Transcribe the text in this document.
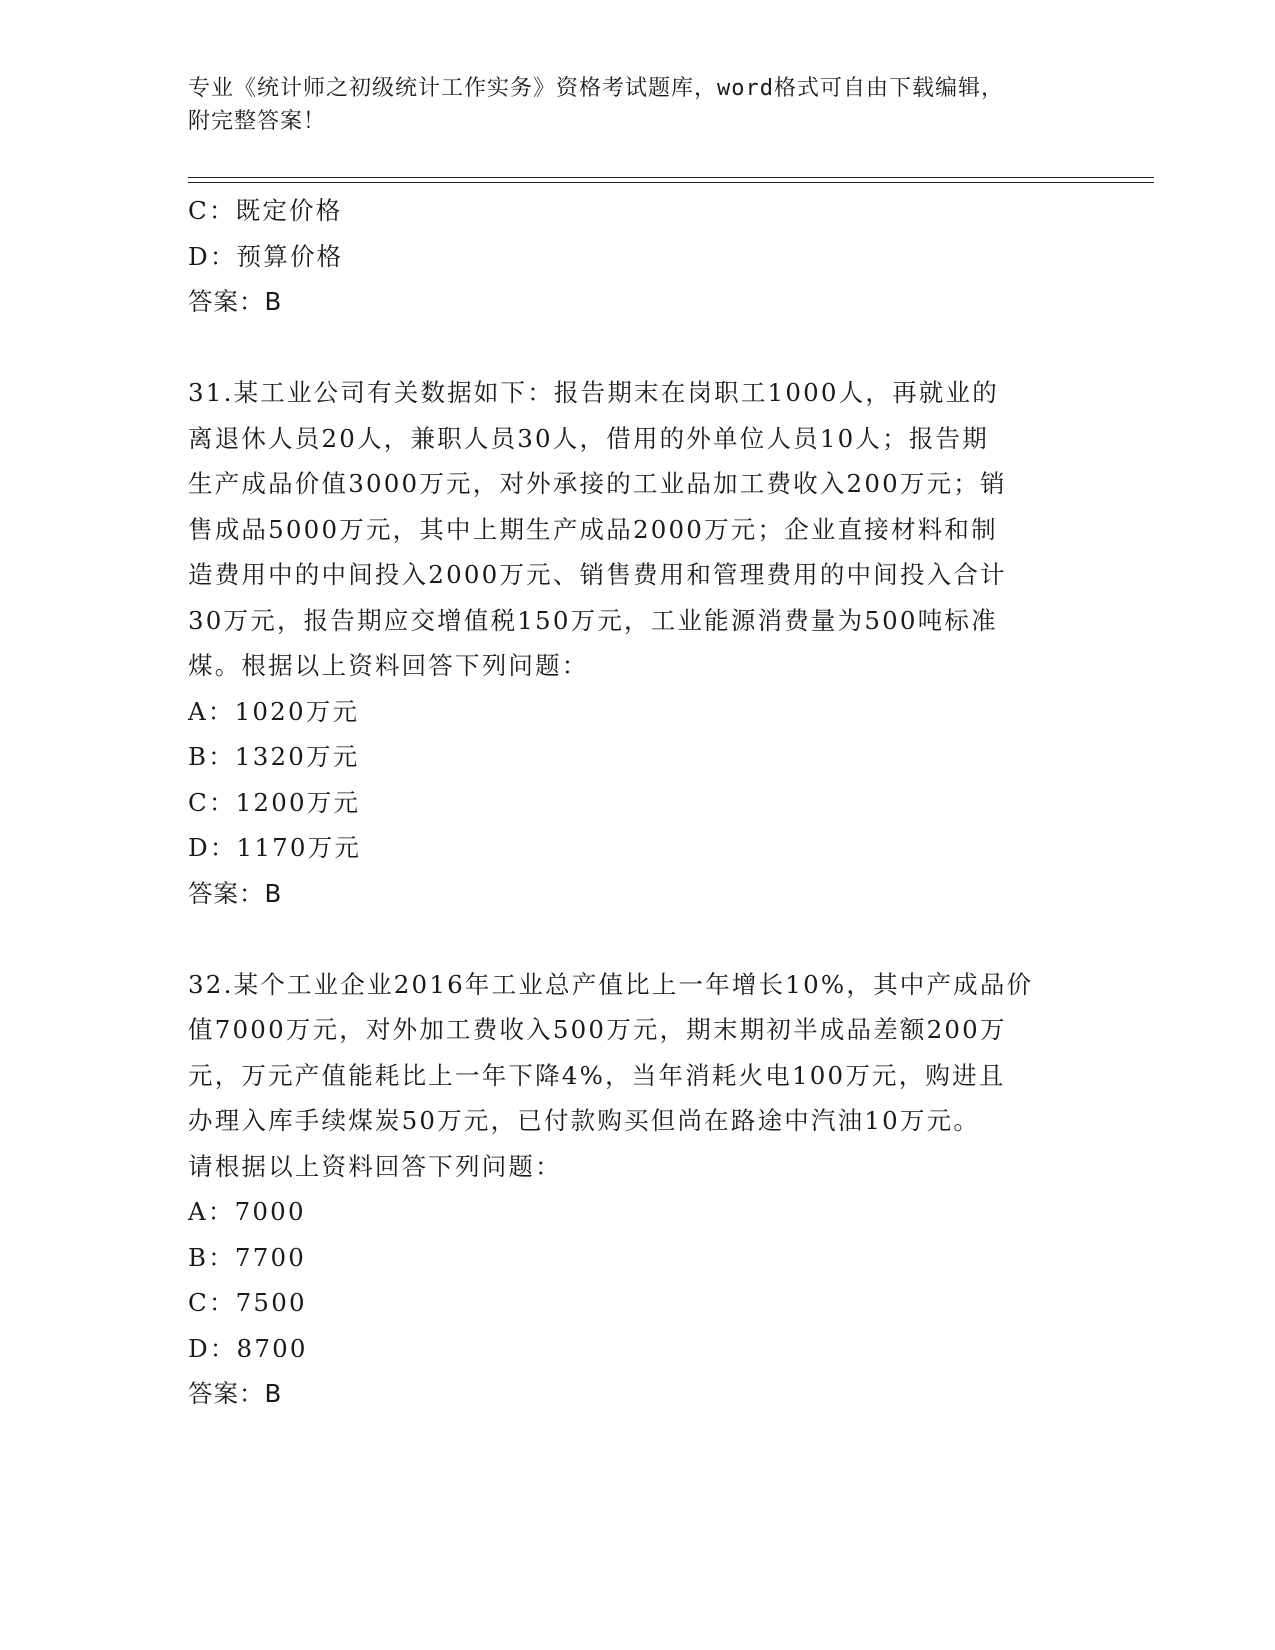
专业《统计师之初级统计工作实务》资格考试题库，word格式可自由下载编辑，
附完整答案！
C：既定价格
D：预算价格
答案：B
31.某工业公司有关数据如下：报告期末在岗职工1000人，再就业的
离退休人员20人，兼职人员30人，借用的外单位人员10人；报告期
生产成品价值3000万元，对外承接的工业品加工费收入200万元；销
售成品5000万元，其中上期生产成品2000万元；企业直接材料和制
造费用中的中间投入2000万元、销售费用和管理费用的中间投入合计
30万元，报告期应交增值税150万元，工业能源消费量为500吨标准
煤。根据以上资料回答下列问题：
A：1020万元
B：1320万元
C：1200万元
D：1170万元
答案：B
32.某个工业企业2016年工业总产值比上一年增长10%，其中产成品价
值7000万元，对外加工费收入500万元，期末期初半成品差额200万
元，万元产值能耗比上一年下降4%，当年消耗火电100万元，购进且
办理入库手续煤炭50万元，已付款购买但尚在路途中汽油10万元。
请根据以上资料回答下列问题：
A：7000
B：7700
C：7500
D：8700
答案：B
